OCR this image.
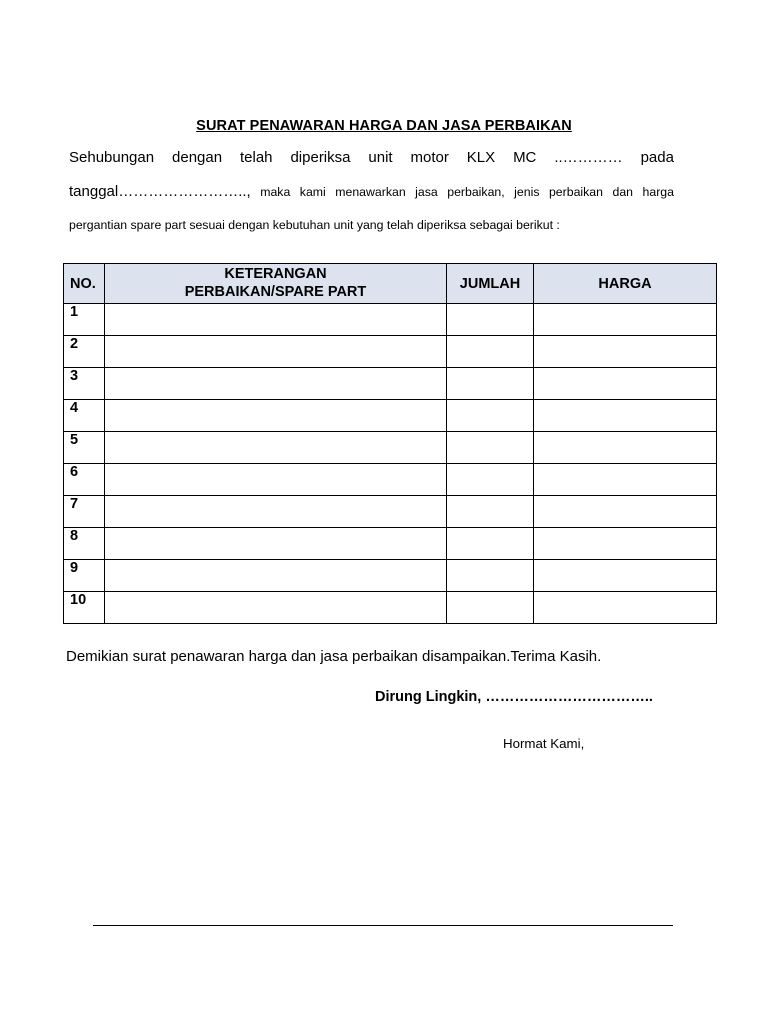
SURAT PENAWARAN HARGA DAN JASA PERBAIKAN
Sehubungan dengan telah diperiksa unit motor KLX MC ..………… pada
tanggal…………………….., maka kami menawarkan jasa perbaikan, jenis perbaikan dan harga
pergantian spare part sesuai dengan kebutuhan unit yang telah diperiksa sebagai berikut :
NO.	KETERANGAN
PERBAIKAN/SPARE PART	JUMLAH	HARGA
1			
2			
3			
4			
5			
6			
7			
8			
9			
10			
Demikian surat penawaran harga dan jasa perbaikan disampaikan.Terima Kasih.
Dirung Lingkin, ……………………………..
Hormat Kami,
